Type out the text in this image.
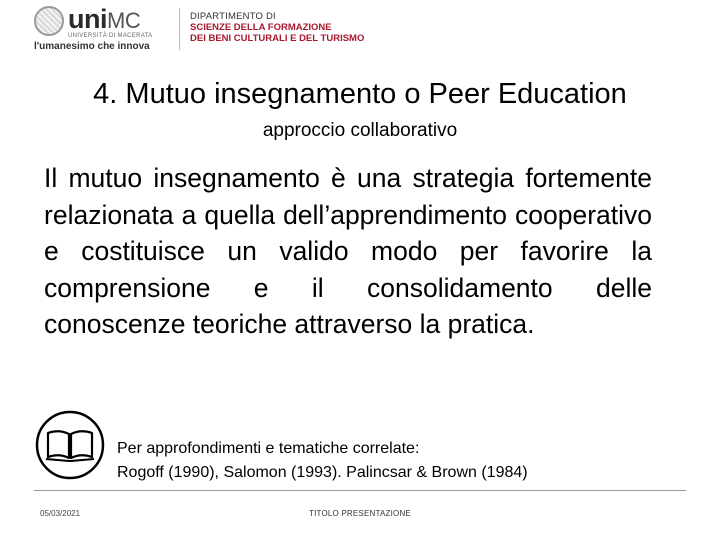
uniMC
UNIVERSITÀ DI MACERATA
l'umanesimo che innova
DIPARTIMENTO DI
SCIENZE DELLA FORMAZIONE
DEI BENI CULTURALI E DEL TURISMO
4. Mutuo insegnamento o Peer Education
approccio collaborativo
Il mutuo insegnamento è una strategia fortemente relazionata a quella dell’apprendimento cooperativo e costituisce un valido modo per favorire la comprensione e il consolidamento delle conoscenze teoriche attraverso la pratica.
Per approfondimenti e tematiche correlate:
Rogoff (1990), Salomon (1993). Palincsar & Brown (1984)
05/03/2021	TITOLO PRESENTAZIONE
